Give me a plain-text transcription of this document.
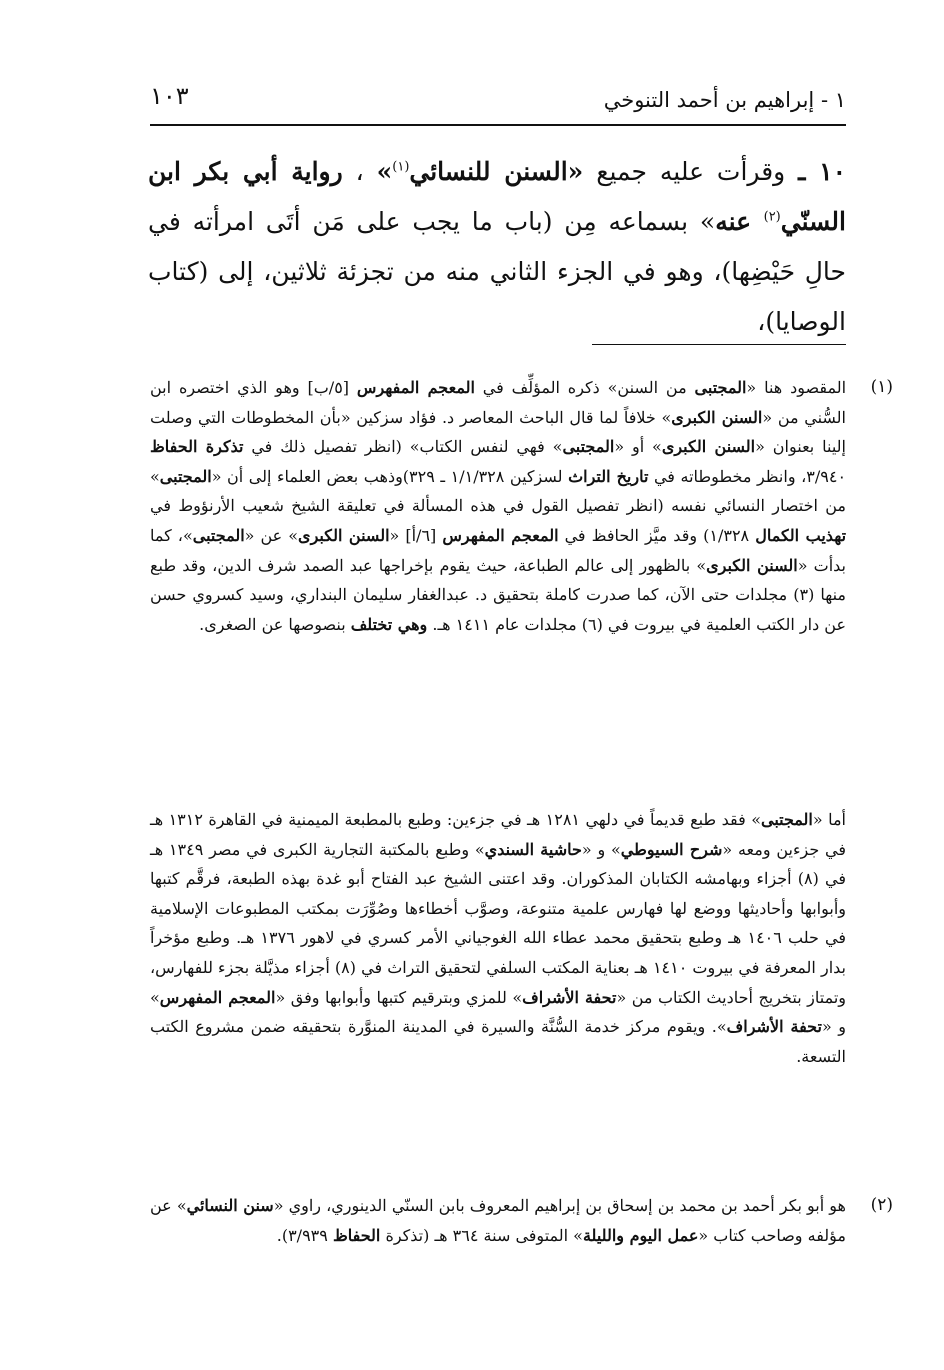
١ - إبراهيم بن أحمد التنوخي
١٠٣
١٠ ـ وقرأت عليه جميع «السنن للنسائي$^{(١)}$» ، رواية أبي بكر ابن السنّي$^{(٢)}$ عنه» بسماعه مِن (باب ما يجب على مَن أتَى امرأته في حالِ حَيْضِها)، وهو في الجزء الثاني منه من تجزئة ثلاثين، إلى (كتاب الوصايا)،
(١)
المقصود هنا «المجتبى من السنن» ذكره المؤلِّف في المعجم المفهرس [٥/ب] وهو الذي اختصره ابن السُّني من «السنن الكبرى» خلافاً لما قال الباحث المعاصر د. فؤاد سزكين «بأن المخطوطات التي وصلت إلينا بعنوان «السنن الكبرى» أو «المجتبى» فهي لنفس الكتاب» (انظر تفصيل ذلك في تذكرة الحفاظ ٣/٩٤٠، وانظر مخطوطاته في تاريخ التراث لسزكين ١/١/٣٢٨ ـ ٣٢٩)وذهب بعض العلماء إلى أن «المجتبى» من اختصار النسائي نفسه (انظر تفصيل القول في هذه المسألة في تعليقة الشيخ شعيب الأرنؤوط في تهذيب الكمال ١/٣٢٨) وقد ميَّز الحافظ في المعجم المفهرس [٦/أ] «السنن الكبرى» عن «المجتبى»، كما بدأت «السنن الكبرى» بالظهور إلى عالم الطباعة، حيث يقوم بإخراجها عبد الصمد شرف الدين، وقد طبع منها (٣) مجلدات حتى الآن، كما صدرت كاملة بتحقيق د. عبدالغفار سليمان البنداري، وسيد كسروي حسن عن دار الكتب العلمية في بيروت في (٦) مجلدات عام ١٤١١ هـ. وهي تختلف بنصوصها عن الصغرى.
أما «المجتبى» فقد طبع قديماً في دلهي ١٢٨١ هـ في جزءين: وطبع بالمطبعة الميمنية في القاهرة ١٣١٢ هـ في جزءين ومعه «شرح السيوطي» و «حاشية السندي» وطبع بالمكتبة التجارية الكبرى في مصر ١٣٤٩ هـ في (٨) أجزاء وبهامشه الكتابان المذكوران. وقد اعتنى الشيخ عبد الفتاح أبو غدة بهذه الطبعة، فرقَّم كتبها وأبوابها وأحاديثها ووضع لها فهارس علمية متنوعة، وصوَّب أخطاءها وصُوِّرَت بمكتب المطبوعات الإسلامية في حلب ١٤٠٦ هـ وطبع بتحقيق محمد عطاء الله الغوجياني الأمر كسري في لاهور ١٣٧٦ هـ. وطبع مؤخراً بدار المعرفة في بيروت ١٤١٠ هـ بعناية المكتب السلفي لتحقيق التراث في (٨) أجزاء مذيَّلة بجزء للفهارس، وتمتاز بتخريج أحاديث الكتاب من «تحفة الأشراف» للمزي وبترقيم كتبها وأبوابها وفق «المعجم المفهرس» و «تحفة الأشراف». ويقوم مركز خدمة السُّنَّة والسيرة في المدينة المنوَّرة بتحقيقه ضمن مشروع الكتب التسعة.
(٢)
هو أبو بكر أحمد بن محمد بن إسحاق بن إبراهيم المعروف بابن السنّي الدينوري، راوي «سنن النسائي» عن مؤلفه وصاحب كتاب «عمل اليوم والليلة» المتوفى سنة ٣٦٤ هـ (تذكرة الحفاظ ٣/٩٣٩).
